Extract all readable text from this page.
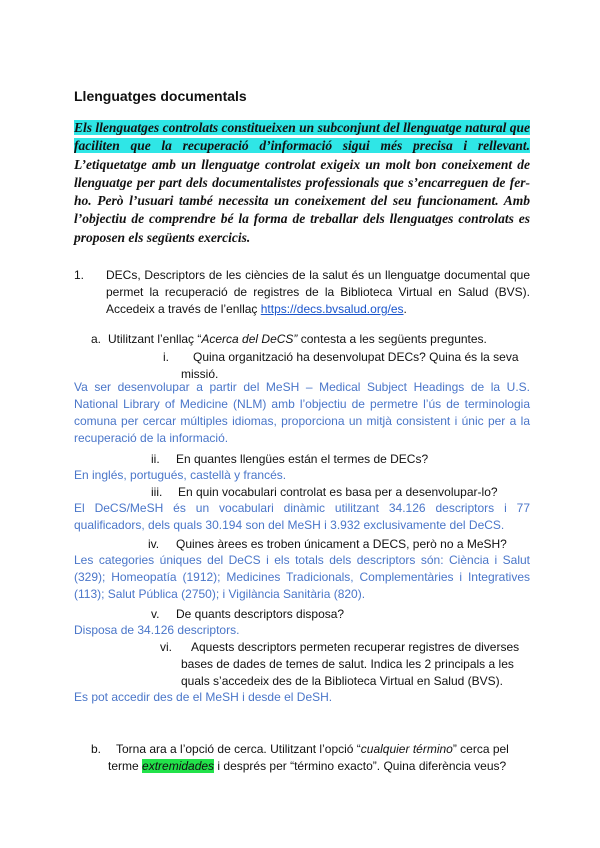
Llenguatges documentals
Els llenguatges controlats constitueixen un subconjunt del llenguatge natural que faciliten que la recuperació d’informació sigui més precisa i rellevant. L’etiquetatge amb un llenguatge controlat exigeix un molt bon coneixement de llenguatge per part dels documentalistes professionals que s’encarreguen de fer-ho. Però l’usuari també necessita un coneixement del seu funcionament. Amb l’objectiu de comprendre bé la forma de treballar dels llenguatges controlats es proposen els següents exercicis.
1. DECs, Descriptors de les ciències de la salut és un llenguatge documental que permet la recuperació de registres de la Biblioteca Virtual en Salud (BVS). Accedeix a través de l’enllaç https://decs.bvsalud.org/es.
a. Utilitzant l’enllaç “Acerca del DeCS” contesta a les següents preguntes.
i.	Quina organització ha desenvolupat DECs? Quina és la seva missió.
Va ser desenvolupar a partir del MeSH – Medical Subject Headings de la U.S. National Library of Medicine (NLM) amb l’objectiu de permetre l’ús de terminologia comuna per cercar múltiples idiomas, proporciona un mitjà consistent i únic per a la recuperació de la informació.
ii. En quantes llengües están el termes de DECs?
En inglés, portugués, castellà y francés.
iii. En quin vocabulari controlat es basa per a desenvolupar-lo?
El DeCS/MeSH és un vocabulari dinàmic utilitzant 34.126 descriptors i 77 qualificadors, dels quals 30.194 son del MeSH i 3.932 exclusivamente del DeCS.
iv. Quines àrees es troben únicament a DECS, però no a MeSH?
Les categories úniques del DeCS i els totals dels descriptors són: Ciència i Salut (329); Homeopatía (1912); Medicines Tradicionals, Complementàries i Integratives (113); Salut Pública (2750); i Vigilància Sanitària (820).
v. De quants descriptors disposa?
Disposa de 34.126 descriptors.
vi.	Aquests descriptors permeten recuperar registres de diverses bases de dades de temes de salut. Indica les 2 principals a les quals s’accedeix des de la Biblioteca Virtual en Salud (BVS).
Es pot accedir des de el MeSH i desde el DeSH.
b.	Torna ara a l’opció de cerca. Utilitzant l’opció “cualquier término” cerca pel terme extremidades i després per “término exacto”. Quina diferència veus?
